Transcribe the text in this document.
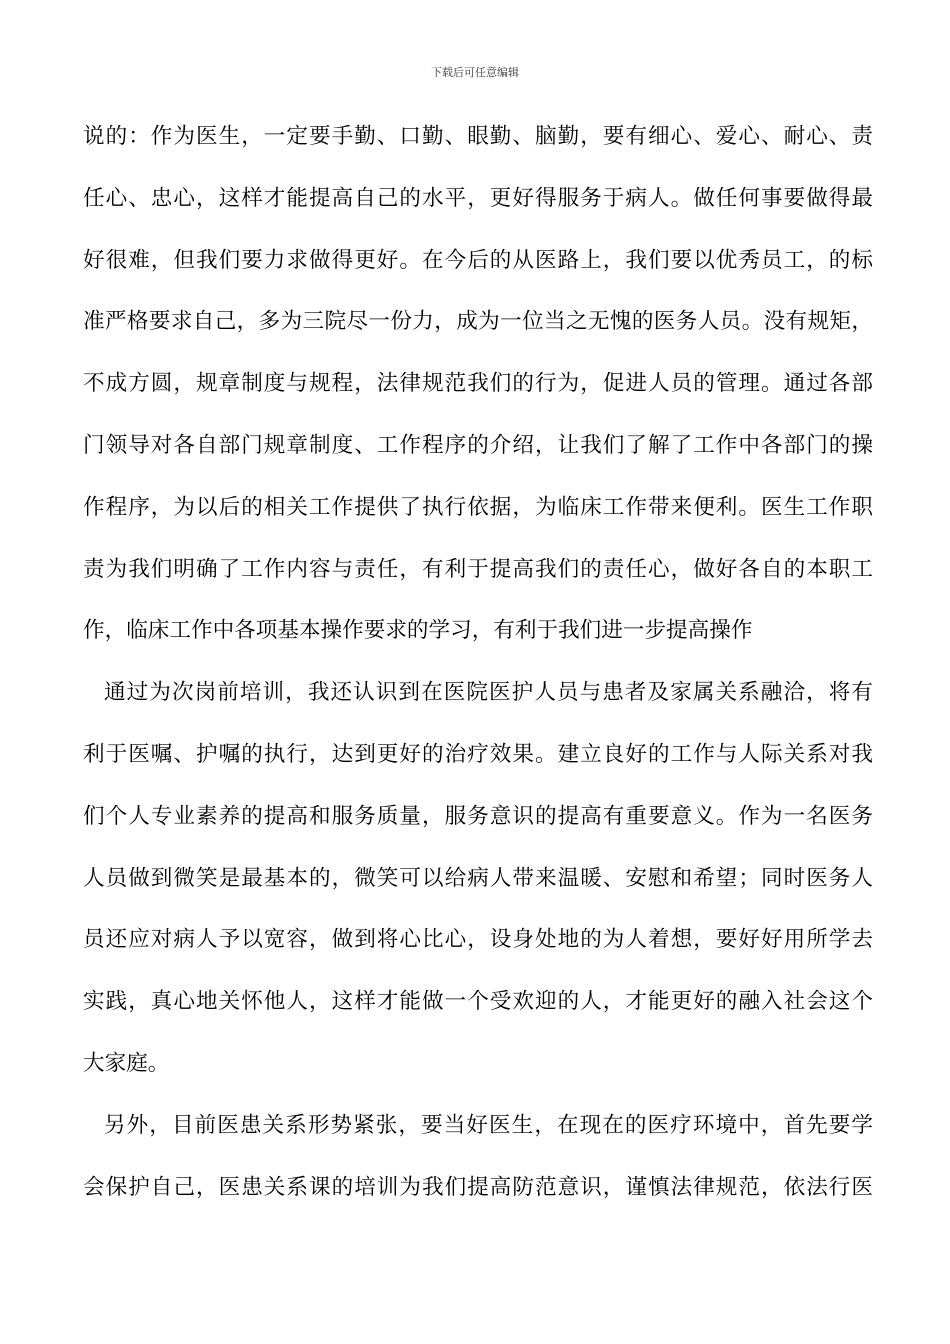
下载后可任意编辑
说的：作为医生，一定要手勤、口勤、眼勤、脑勤，要有细心、爱心、耐心、责
任心、忠心，这样才能提高自己的水平，更好得服务于病人。做任何事要做得最
好很难，但我们要力求做得更好。在今后的从医路上，我们要以优秀员工，的标
准严格要求自己，多为三院尽一份力，成为一位当之无愧的医务人员。没有规矩，
不成方圆，规章制度与规程，法律规范我们的行为，促进人员的管理。通过各部
门领导对各自部门规章制度、工作程序的介绍，让我们了解了工作中各部门的操
作程序，为以后的相关工作提供了执行依据，为临床工作带来便利。医生工作职
责为我们明确了工作内容与责任，有利于提高我们的责任心，做好各自的本职工
作，临床工作中各项基本操作要求的学习，有利于我们进一步提高操作
通过为次岗前培训，我还认识到在医院医护人员与患者及家属关系融洽，将有
利于医嘱、护嘱的执行，达到更好的治疗效果。建立良好的工作与人际关系对我
们个人专业素养的提高和服务质量，服务意识的提高有重要意义。作为一名医务
人员做到微笑是最基本的，微笑可以给病人带来温暖、安慰和希望；同时医务人
员还应对病人予以宽容，做到将心比心，设身处地的为人着想，要好好用所学去
实践，真心地关怀他人，这样才能做一个受欢迎的人，才能更好的融入社会这个
大家庭。
另外，目前医患关系形势紧张，要当好医生，在现在的医疗环境中，首先要学
会保护自己，医患关系课的培训为我们提高防范意识，谨慎法律规范，依法行医
